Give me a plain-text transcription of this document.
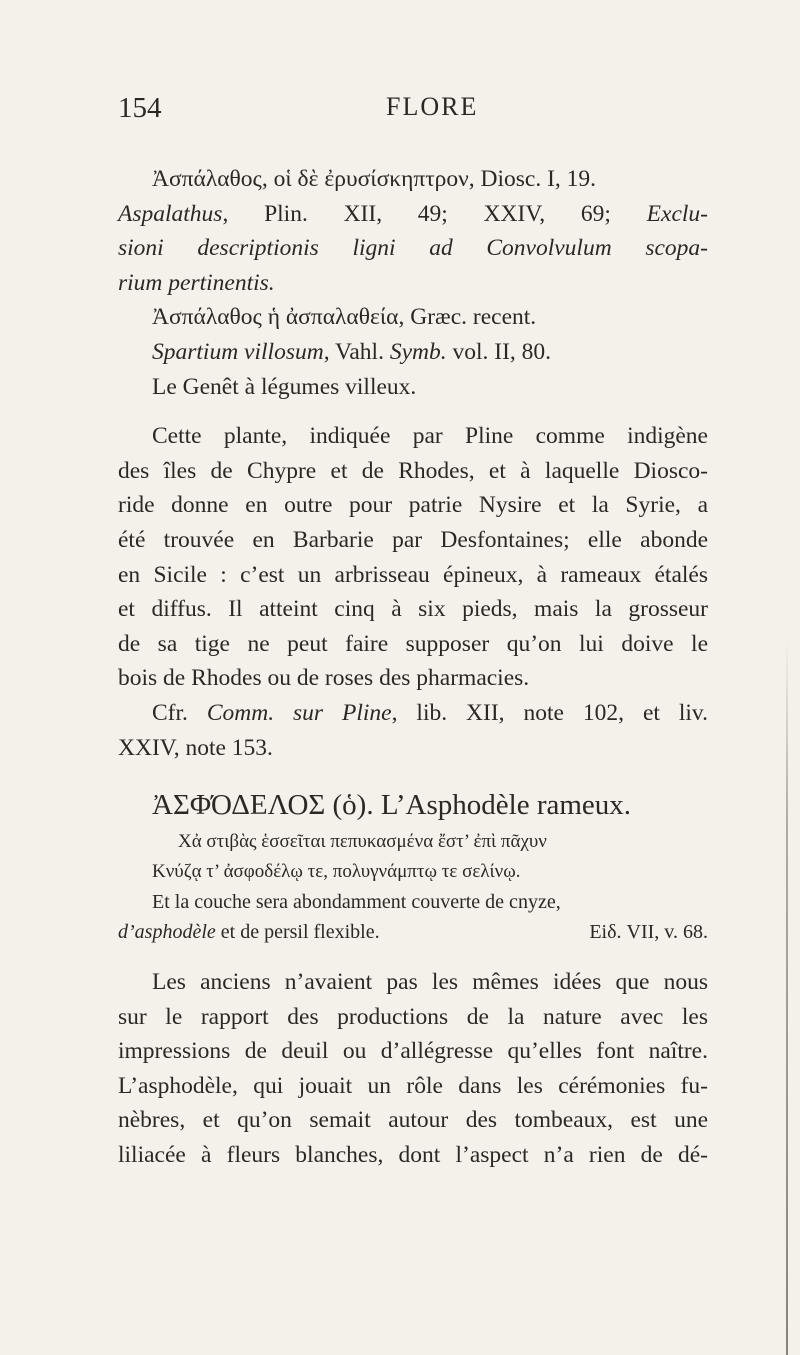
154	FLORE
Ἀσπάλαθος, οἱ δὲ ἐρυσίσκηπτρον, Diosc. I, 19.
Aspalathus, Plin. XII, 49; XXIV, 69; Exclu-
sioni descriptionis ligni ad Convolvulum scopa-
rium pertinentis.
Ἀσπάλαθος ἡ ἀσπαλαθεία, Græc. recent.
Spartium villosum, Vahl. Symb. vol. II, 80.
Le Genêt à légumes villeux.
Cette plante, indiquée par Pline comme indigène
des îles de Chypre et de Rhodes, et à laquelle Diosco-
ride donne en outre pour patrie Nysire et la Syrie, a
été trouvée en Barbarie par Desfontaines; elle abonde
en Sicile : c’est un arbrisseau épineux, à rameaux étalés
et diffus. Il atteint cinq à six pieds, mais la grosseur
de sa tige ne peut faire supposer qu’on lui doive le
bois de Rhodes ou de roses des pharmacies.
Cfr. Comm. sur Pline, lib. XII, note 102, et liv.
XXIV, note 153.
ἈΣΦΌΔΕΛΟΣ (ὁ). L’Asphodèle rameux.
Χἀ στιβὰς ἑσσεῖται πεπυκασμένα ἔστ’ ἐπὶ πᾶχυν
Κνύζᾳ τ’ ἀσφοδέλῳ τε, πολυγνάμπτῳ τε σελίνῳ.
Et la couche sera abondamment couverte de cnyze,
d’asphodèle et de persil flexible.	Eiδ. VII, v. 68.
Les anciens n’avaient pas les mêmes idées que nous
sur le rapport des productions de la nature avec les
impressions de deuil ou d’allégresse qu’elles font naître.
L’asphodèle, qui jouait un rôle dans les cérémonies fu-
nèbres, et qu’on semait autour des tombeaux, est une
liliacée à fleurs blanches, dont l’aspect n’a rien de dé-
